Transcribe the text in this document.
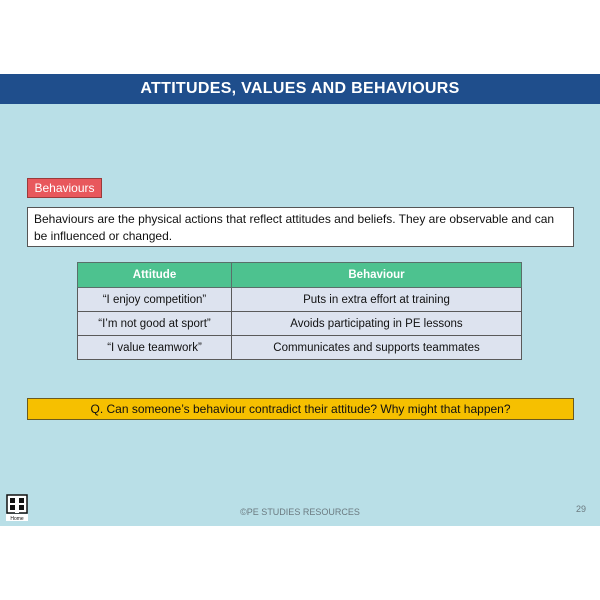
ATTITUDES, VALUES AND BEHAVIOURS
Behaviours
Behaviours are the physical actions that reflect attitudes and beliefs. They are observable and can be influenced or changed.
Attitude	Behaviour
“I enjoy competition”	Puts in extra effort at training
“I’m not good at sport”	Avoids participating in PE lessons
“I value teamwork”	Communicates and supports teammates
Q. Can someone’s behaviour contradict their attitude? Why might that happen?
Home
©PE STUDIES RESOURCES	29
